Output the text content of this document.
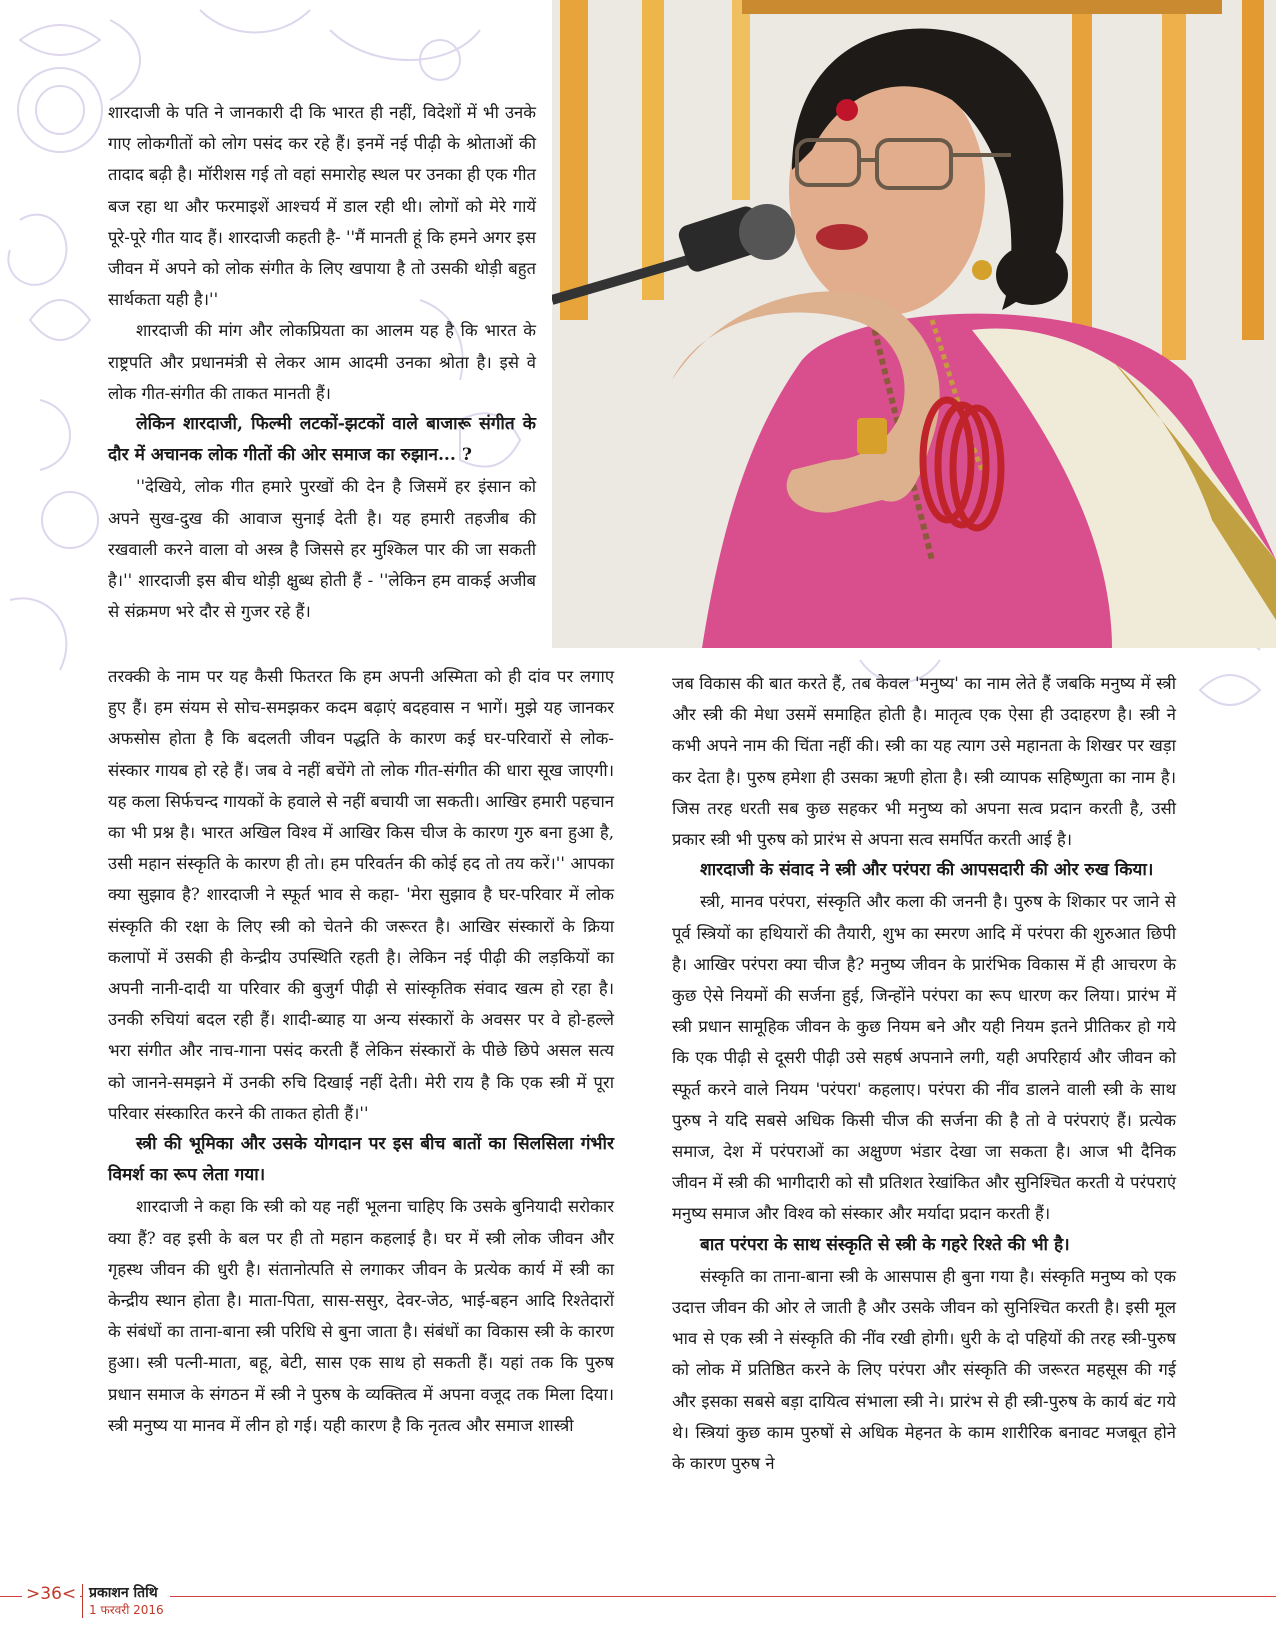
शारदाजी के पति ने जानकारी दी कि भारत ही नहीं, विदेशों में भी उनके गाए लोकगीतों को लोग पसंद कर रहे हैं। इनमें नई पीढ़ी के श्रोताओं की तादाद बढ़ी है। मॉरीशस गई तो वहां समारोह स्थल पर उनका ही एक गीत बज रहा था और फरमाइशें आश्चर्य में डाल रही थी। लोगों को मेरे गायें पूरे-पूरे गीत याद हैं। शारदाजी कहती है- ''मैं मानती हूं कि हमने अगर इस जीवन में अपने को लोक संगीत के लिए खपाया है तो उसकी थोड़ी बहुत सार्थकता यही है।''

शारदाजी की मांग और लोकप्रियता का आलम यह है कि भारत के राष्ट्रपति और प्रधानमंत्री से लेकर आम आदमी उनका श्रोता है। इसे वे लोक गीत-संगीत की ताकत मानती हैं।

लेकिन शारदाजी, फिल्मी लटकों-झटकों वाले बाजारू संगीत के दौर में अचानक लोक गीतों की ओर समाज का रुझान... ?

''देखिये, लोक गीत हमारे पुरखों की देन है जिसमें हर इंसान को अपने सुख-दुख की आवाज सुनाई देती है। यह हमारी तहजीब की रखवाली करने वाला वो अस्त्र है जिससे हर मुश्किल पार की जा सकती है।'' शारदाजी इस बीच थोड़ी क्षुब्ध होती हैं - ''लेकिन हम वाकई अजीब से संक्रमण भरे दौर से गुजर रहे हैं।

तरक्की के नाम पर यह कैसी फितरत कि हम अपनी अस्मिता को ही दांव पर लगाए हुए हैं। हम संयम से सोच-समझकर कदम बढ़ाएं बदहवास न भागें। मुझे यह जानकर अफसोस होता है कि बदलती जीवन पद्धति के कारण कई घर-परिवारों से लोक-संस्कार गायब हो रहे हैं। जब वे नहीं बचेंगे तो लोक गीत-संगीत की धारा सूख जाएगी। यह कला सिर्फचन्द गायकों के हवाले से नहीं बचायी जा सकती। आखिर हमारी पहचान का भी प्रश्न है। भारत अखिल विश्व में आखिर किस चीज के कारण गुरु बना हुआ है, उसी महान संस्कृति के कारण ही तो। हम परिवर्तन की कोई हद तो तय करें।'' आपका क्या सुझाव है? शारदाजी ने स्फूर्त भाव से कहा- 'मेरा सुझाव है घर-परिवार में लोक संस्कृति की रक्षा के लिए स्त्री को चेतने की जरूरत है। आखिर संस्कारों के क्रिया कलापों में उसकी ही केन्द्रीय उपस्थिति रहती है। लेकिन नई पीढ़ी की लड़कियों का अपनी नानी-दादी या परिवार की बुजुर्ग पीढ़ी से सांस्कृतिक संवाद खत्म हो रहा है। उनकी रुचियां बदल रही हैं। शादी-ब्याह या अन्य संस्कारों के अवसर पर वे हो-हल्ले भरा संगीत और नाच-गाना पसंद करती हैं लेकिन संस्कारों के पीछे छिपे असल सत्य को जानने-समझने में उनकी रुचि दिखाई नहीं देती। मेरी राय है कि एक स्त्री में पूरा परिवार संस्कारित करने की ताकत होती हैं।''

स्त्री की भूमिका और उसके योगदान पर इस बीच बातों का सिलसिला गंभीर विमर्श का रूप लेता गया।

शारदाजी ने कहा कि स्त्री को यह नहीं भूलना चाहिए कि उसके बुनियादी सरोकार क्या हैं? वह इसी के बल पर ही तो महान कहलाई है। घर में स्त्री लोक जीवन और गृहस्थ जीवन की धुरी है। संतानोत्पति से लगाकर जीवन के प्रत्येक कार्य में स्त्री का केन्द्रीय स्थान होता है। माता-पिता, सास-ससुर, देवर-जेठ, भाई-बहन आदि रिश्तेदारों के संबंधों का ताना-बाना स्त्री परिधि से बुना जाता है। संबंधों का विकास स्त्री के कारण हुआ। स्त्री पत्नी-माता, बहू, बेटी, सास एक साथ हो सकती हैं। यहां तक कि पुरुष प्रधान समाज के संगठन में स्त्री ने पुरुष के व्यक्तित्व में अपना वजूद तक मिला दिया। स्त्री मनुष्य या मानव में लीन हो गई। यही कारण है कि नृतत्व और समाज शास्त्री

जब विकास की बात करते हैं, तब केवल 'मनुष्य' का नाम लेते हैं जबकि मनुष्य में स्त्री और स्त्री की मेधा उसमें समाहित होती है। मातृत्व एक ऐसा ही उदाहरण है। स्त्री ने कभी अपने नाम की चिंता नहीं की। स्त्री का यह त्याग उसे महानता के शिखर पर खड़ा कर देता है। पुरुष हमेशा ही उसका ऋणी होता है। स्त्री व्यापक सहिष्णुता का नाम है। जिस तरह धरती सब कुछ सहकर भी मनुष्य को अपना सत्व प्रदान करती है, उसी प्रकार स्त्री भी पुरुष को प्रारंभ से अपना सत्व समर्पित करती आई है।

शारदाजी के संवाद ने स्त्री और परंपरा की आपसदारी की ओर रुख किया।

स्त्री, मानव परंपरा, संस्कृति और कला की जननी है। पुरुष के शिकार पर जाने से पूर्व स्त्रियों का हथियारों की तैयारी, शुभ का स्मरण आदि में परंपरा की शुरुआत छिपी है। आखिर परंपरा क्या चीज है? मनुष्य जीवन के प्रारंभिक विकास में ही आचरण के कुछ ऐसे नियमों की सर्जना हुई, जिन्होंने परंपरा का रूप धारण कर लिया। प्रारंभ में स्त्री प्रधान सामूहिक जीवन के कुछ नियम बने और यही नियम इतने प्रीतिकर हो गये कि एक पीढ़ी से दूसरी पीढ़ी उसे सहर्ष अपनाने लगी, यही अपरिहार्य और जीवन को स्फूर्त करने वाले नियम 'परंपरा' कहलाए। परंपरा की नींव डालने वाली स्त्री के साथ पुरुष ने यदि सबसे अधिक किसी चीज की सर्जना की है तो वे परंपराएं हैं। प्रत्येक समाज, देश में परंपराओं का अक्षुण्ण भंडार देखा जा सकता है। आज भी दैनिक जीवन में स्त्री की भागीदारी को सौ प्रतिशत रेखांकित और सुनिश्चित करती ये परंपराएं मनुष्य समाज और विश्व को संस्कार और मर्यादा प्रदान करती हैं।

बात परंपरा के साथ संस्कृति से स्त्री के गहरे रिश्ते की भी है।

संस्कृति का ताना-बाना स्त्री के आसपास ही बुना गया है। संस्कृति मनुष्य को एक उदात्त जीवन की ओर ले जाती है और उसके जीवन को सुनिश्चित करती है। इसी मूल भाव से एक स्त्री ने संस्कृति की नींव रखी होगी। धुरी के दो पहियों की तरह स्त्री-पुरुष को लोक में प्रतिष्ठित करने के लिए परंपरा और संस्कृति की जरूरत महसूस की गई और इसका सबसे बड़ा दायित्व संभाला स्त्री ने। प्रारंभ से ही स्त्री-पुरुष के कार्य बंट गये थे। स्त्रियां कुछ काम पुरुषों से अधिक मेहनत के काम शारीरिक बनावट मजबूत होने के कारण पुरुष ने

>36< प्रकाशन तिथि
1 फरवरी 2016
